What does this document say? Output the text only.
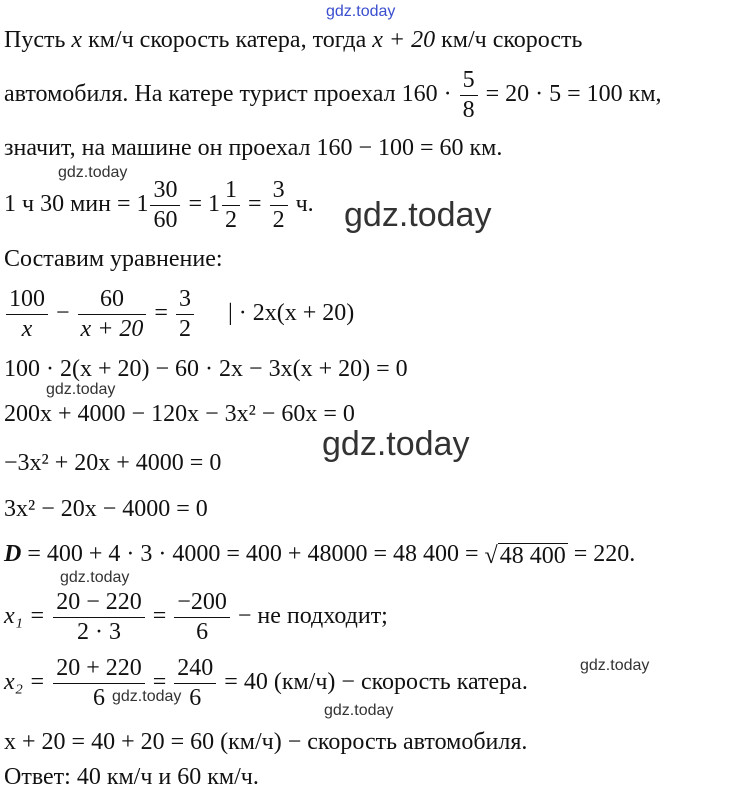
gdz.today
gdz.today
gdz.today
gdz.today
gdz.today
gdz.today
gdz.today
gdz.today
gdz.today
Пусть x км/ч скорость катера, тогда x + 20 км/ч скорость
автомобиля. На катере турист проехал $160 \cdot \frac{5}{8} = 20 \cdot 5 = 100$ км,
значит, на машине он проехал 160 − 100 = 60 км.
1 ч 30 мин = $1 \frac{30}{60} = 1 \frac{1}{2} = \frac{3}{2} ч$.
Составим уравнение:
$\frac{100}{x} - \frac{60}{x + 20} = \frac{3}{2}$ | · 2x(x + 20)
100 · 2(x + 20) − 60 · 2x − 3x(x + 20) = 0
200x + 4000 − 120x − 3x² − 60x = 0
−3x² + 20x + 4000 = 0
3x² − 20x − 4000 = 0
D = 400 + 4 · 3 · 4000 = 400 + 48000 = 48 400 = √48 400 = 220.
$x_1 = \frac{20 - 220}{2 \cdot 3} = \frac{-200}{6}$ − не подходит;
$x_2 = \frac{20 + 220}{6} = \frac{240}{6} = 40$ (км/ч) − скорость катера.
x + 20 = 40 + 20 = 60 (км/ч) − скорость автомобиля.
Ответ: 40 км/ч и 60 км/ч.
